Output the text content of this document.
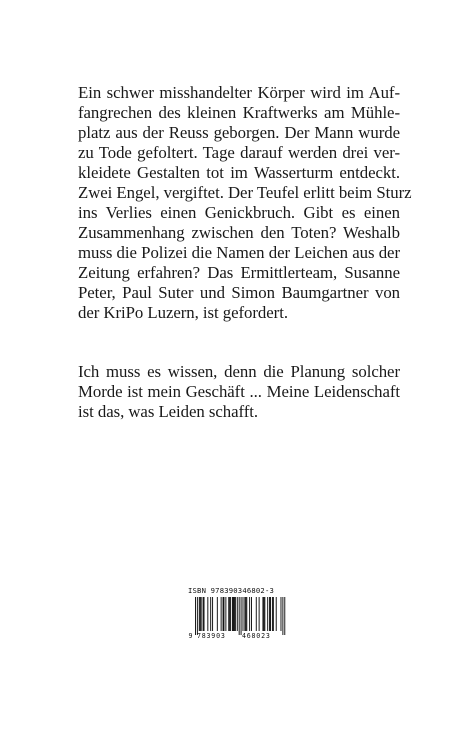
Ein schwer misshandelter Körper wird im Auf-
fangrechen des kleinen Kraftwerks am Mühle-
platz aus der Reuss geborgen. Der Mann wurde
zu Tode gefoltert. Tage darauf werden drei ver-
kleidete Gestalten tot im Wasserturm entdeckt.
Zwei Engel, vergiftet. Der Teufel erlitt beim Sturz
ins Verlies einen Genickbruch. Gibt es einen
Zusammenhang zwischen den Toten? Weshalb
muss die Polizei die Namen der Leichen aus der
Zeitung erfahren? Das Ermittlerteam, Susanne
Peter, Paul Suter und Simon Baumgartner von
der KriPo Luzern, ist gefordert.
Ich muss es wissen, denn die Planung solcher
Morde ist mein Geschäft ... Meine Leidenschaft
ist das, was Leiden schafft.
ISBN 978390346802-3
9 783903 468023
